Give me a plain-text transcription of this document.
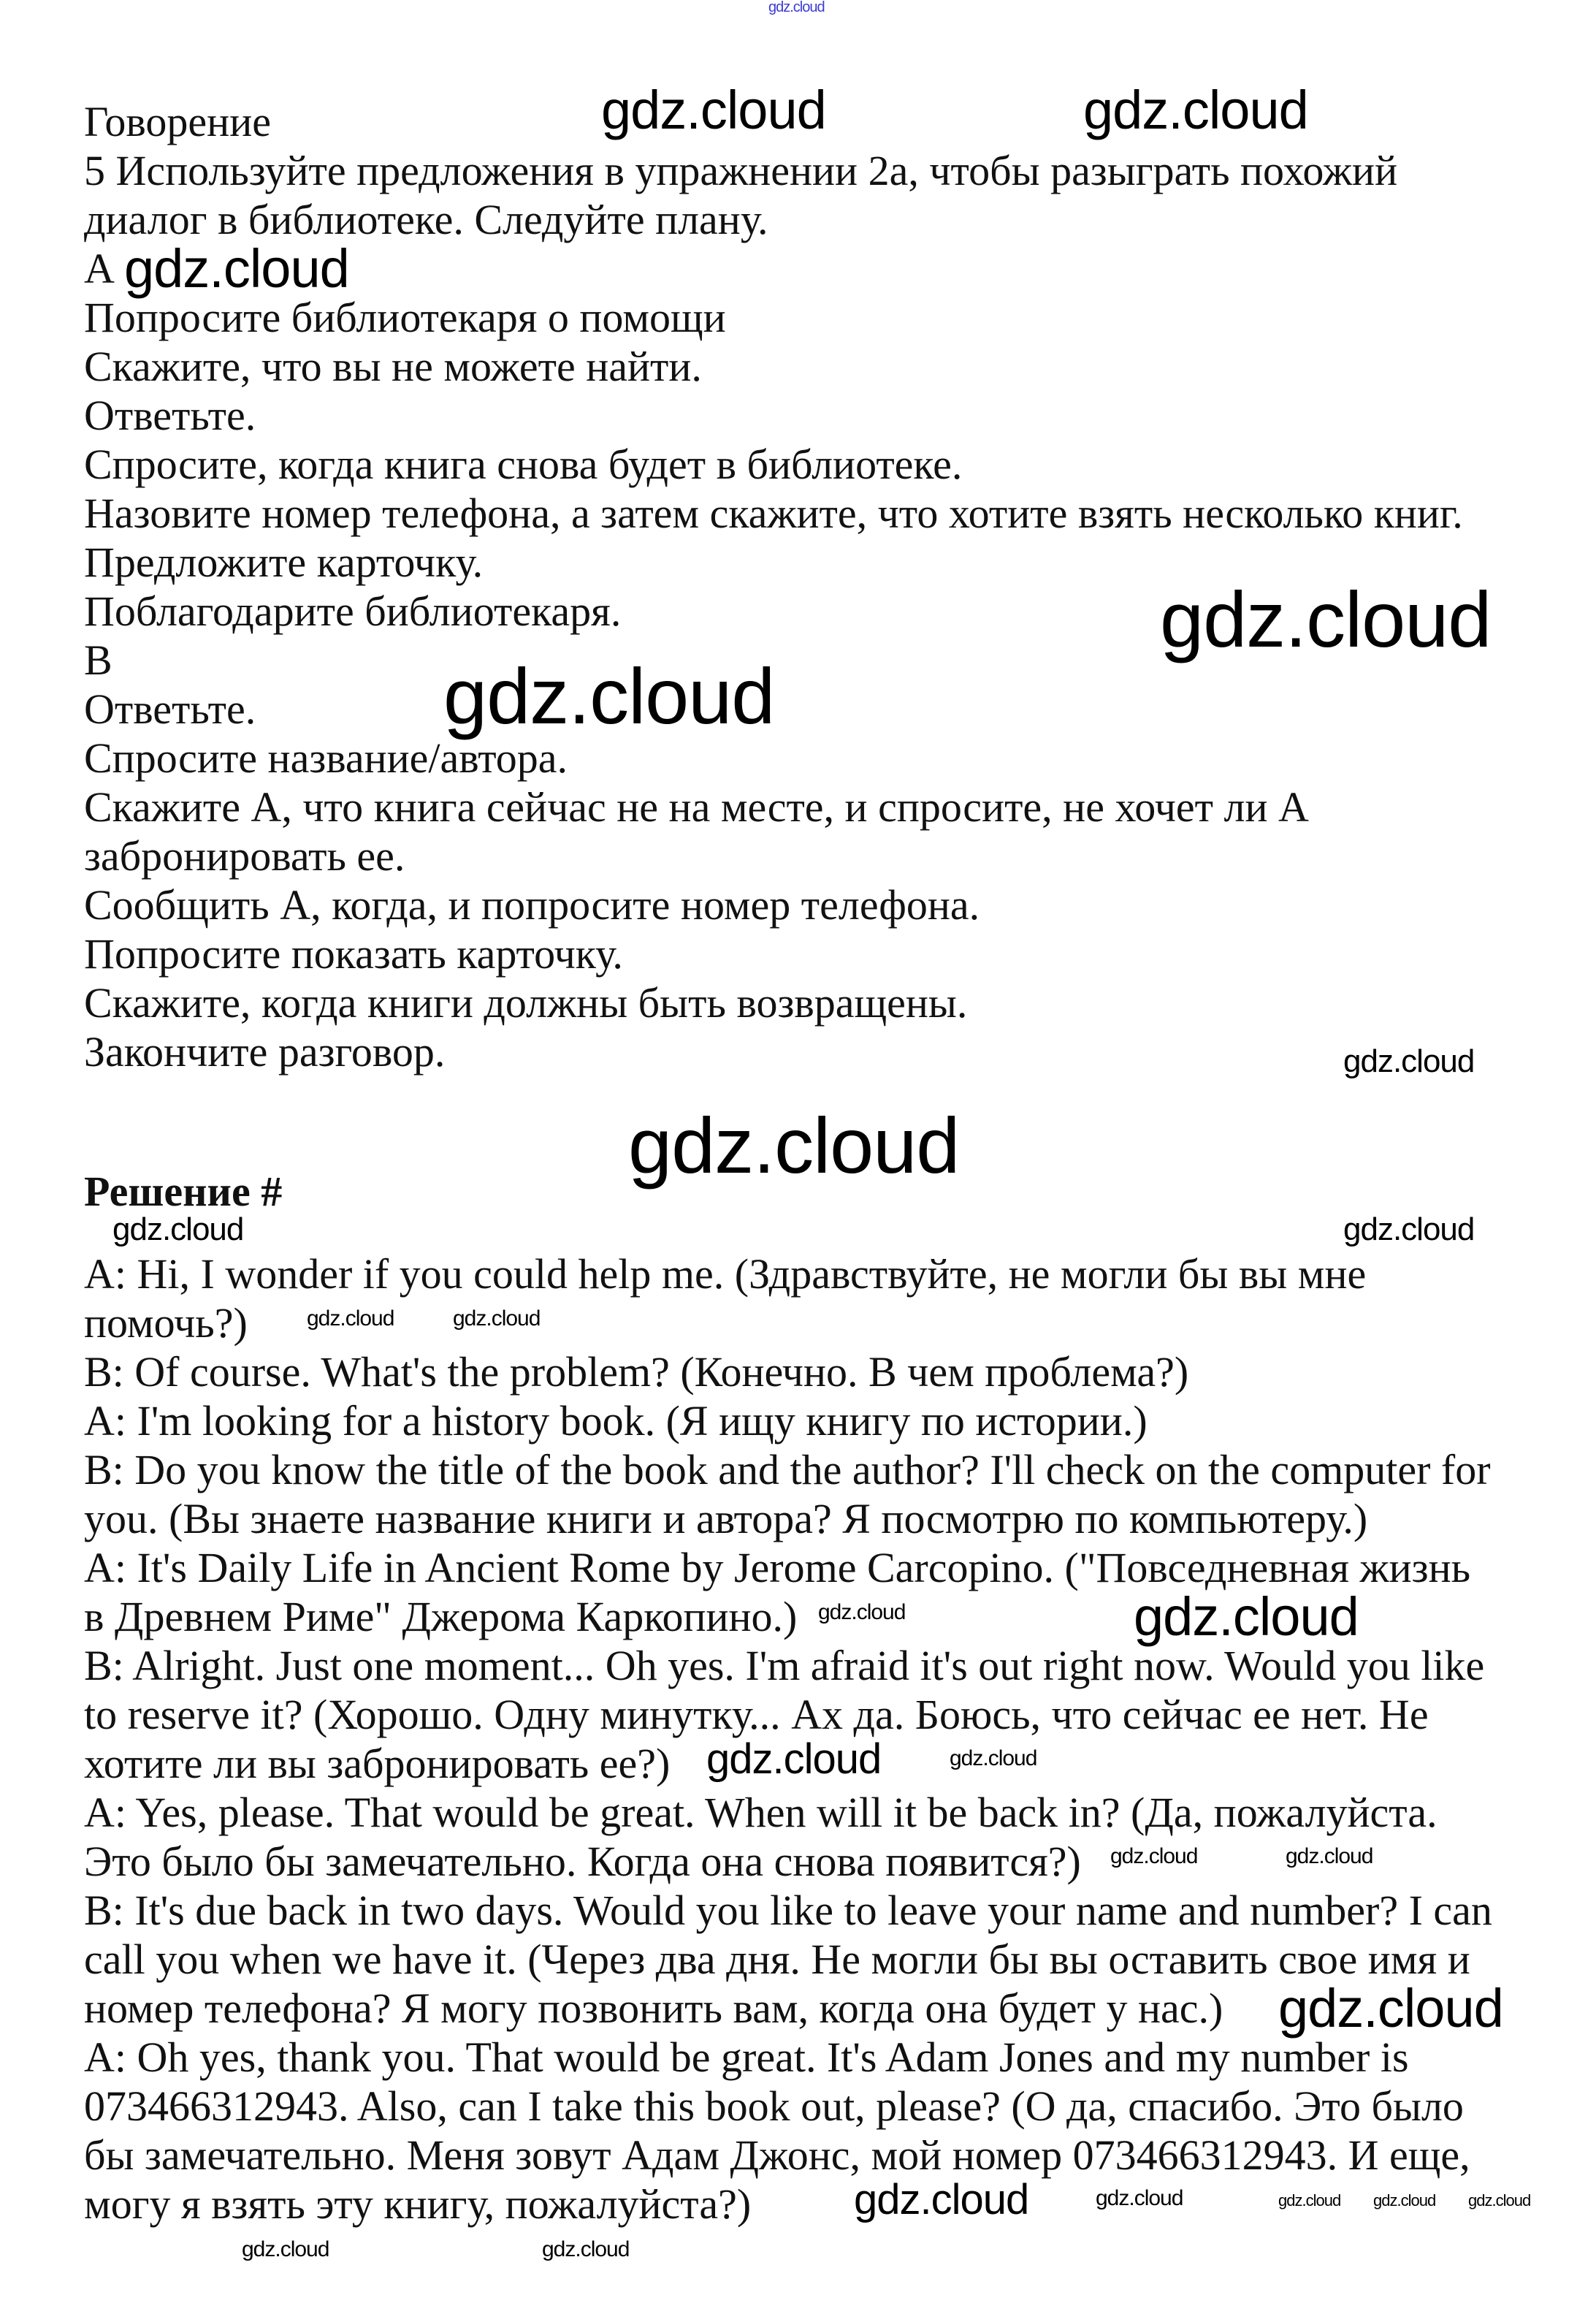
Говорение
5 Используйте предложения в упражнении 2а, чтобы разыграть похожий
диалог в библиотеке. Следуйте плану.
A
Попросите библиотекаря о помощи
Скажите, что вы не можете найти.
Ответьте.
Спросите, когда книга снова будет в библиотеке.
Назовите номер телефона, а затем скажите, что хотите взять несколько книг.
Предложите карточку.
Поблагодарите библиотекаря.
B
Ответьте.
Спросите название/автора.
Скажите А, что книга сейчас не на месте, и спросите, не хочет ли А
забронировать ее.
Сообщить А, когда, и попросите номер телефона.
Попросите показать карточку.
Скажите, когда книги должны быть возвращены.
Закончите разговор.
Решение #
A: Hi, I wonder if you could help me. (Здравствуйте, не могли бы вы мне
помочь?)
B: Of course. What's the problem? (Конечно. В чем проблема?)
A: I'm looking for a history book. (Я ищу книгу по истории.)
B: Do you know the title of the book and the author? I'll check on the computer for
you. (Вы знаете название книги и автора? Я посмотрю по компьютеру.)
A: It's Daily Life in Ancient Rome by Jerome Carcopino. ("Повседневная жизнь
в Древнем Риме" Джерома Каркопино.)
B: Alright. Just one moment... Oh yes. I'm afraid it's out right now. Would you like
to reserve it? (Хорошо. Одну минутку... Ах да. Боюсь, что сейчас ее нет. Не
хотите ли вы забронировать ее?)
A: Yes, please. That would be great. When will it be back in? (Да, пожалуйста.
Это было бы замечательно. Когда она снова появится?)
B: It's due back in two days. Would you like to leave your name and number? I can
call you when we have it. (Через два дня. Не могли бы вы оставить свое имя и
номер телефона? Я могу позвонить вам, когда она будет у нас.)
A: Oh yes, thank you. That would be great. It's Adam Jones and my number is
073466312943. Also, can I take this book out, please? (О да, спасибо. Это было
бы замечательно. Меня зовут Адам Джонс, мой номер 073466312943. И еще,
могу я взять эту книгу, пожалуйста?)
gdz.cloud
gdz.cloud	gdz.cloud
gdz.cloud
gdz.cloud
gdz.cloud
gdz.cloud
gdz.cloud
gdz.cloud	gdz.cloud
gdz.cloud
gdz.cloud
gdz.cloud
gdz.cloud
gdz.cloud	gdz.cloud
gdz.cloud
gdz.cloud
gdz.cloud	gdz.cloud
gdz.cloud	gdz.cloud gdz.cloud gdz.cloud
gdz.cloud	gdz.cloud
